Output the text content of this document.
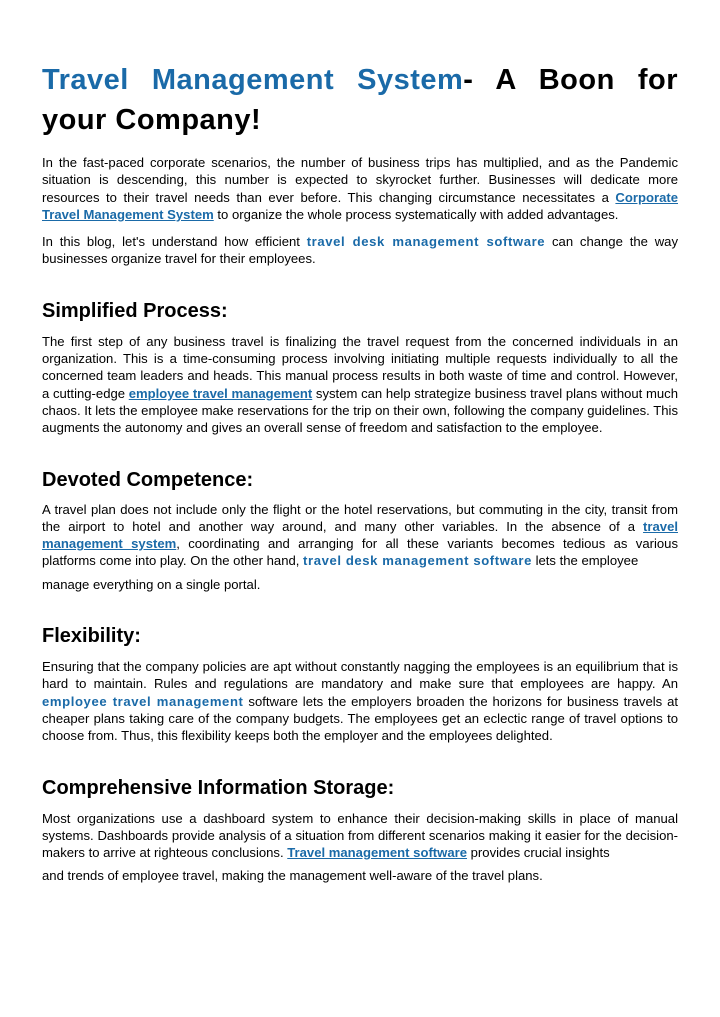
Travel Management System- A Boon for your Company!

In the fast-paced corporate scenarios, the number of business trips has multiplied, and as the Pandemic situation is descending, this number is expected to skyrocket further. Businesses will dedicate more resources to their travel needs than ever before. This changing circumstance necessitates a Corporate Travel Management System to organize the whole process systematically with added advantages.

In this blog, let's understand how efficient travel desk management software can change the way businesses organize travel for their employees.

Simplified Process:

The first step of any business travel is finalizing the travel request from the concerned individuals in an organization. This is a time-consuming process involving initiating multiple requests individually to all the concerned team leaders and heads. This manual process results in both waste of time and control. However, a cutting-edge employee travel management system can help strategize business travel plans without much chaos. It lets the employee make reservations for the trip on their own, following the company guidelines. This augments the autonomy and gives an overall sense of freedom and satisfaction to the employee.

Devoted Competence:

A travel plan does not include only the flight or the hotel reservations, but commuting in the city, transit from the airport to hotel and another way around, and many other variables. In the absence of a travel management system, coordinating and arranging for all these variants becomes tedious as various platforms come into play. On the other hand, travel desk management software lets the employee

manage everything on a single portal.

Flexibility:

Ensuring that the company policies are apt without constantly nagging the employees is an equilibrium that is hard to maintain. Rules and regulations are mandatory and make sure that employees are happy. An employee travel management software lets the employers broaden the horizons for business travels at cheaper plans taking care of the company budgets. The employees get an eclectic range of travel options to choose from. Thus, this flexibility keeps both the employer and the employees delighted.

Comprehensive Information Storage:

Most organizations use a dashboard system to enhance their decision-making skills in place of manual systems. Dashboards provide analysis of a situation from different scenarios making it easier for the decision-makers to arrive at righteous conclusions. Travel management software provides crucial insights

and trends of employee travel, making the management well-aware of the travel plans.
